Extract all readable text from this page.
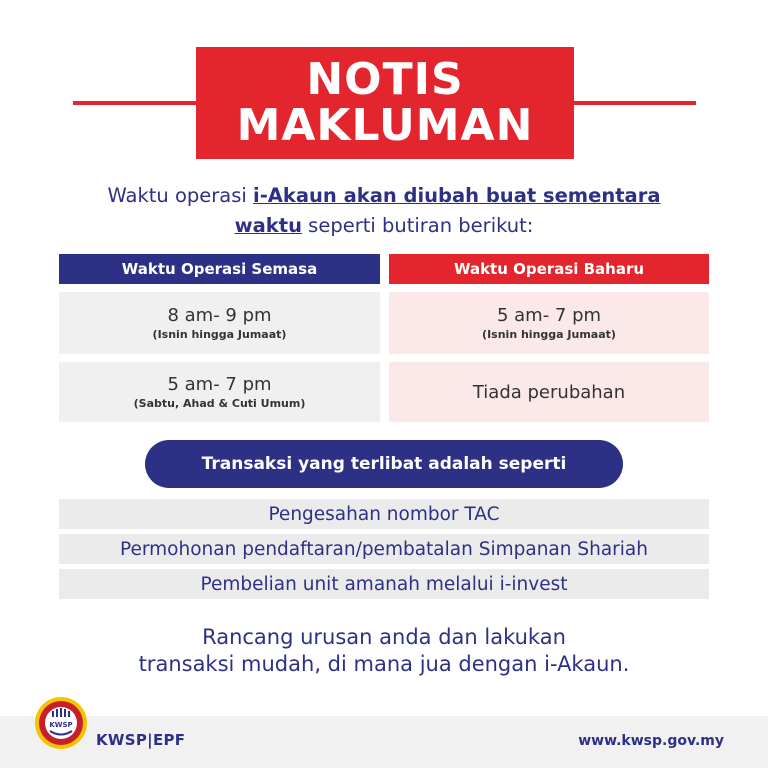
NOTIS
MAKLUMAN
Waktu operasi i-Akaun akan diubah buat sementara
waktu seperti butiran berikut:
Waktu Operasi Semasa	Waktu Operasi Baharu
8 am- 9 pm
(Isnin hingga Jumaat)
5 am- 7 pm
(Isnin hingga Jumaat)
5 am- 7 pm
(Sabtu, Ahad & Cuti Umum)
Tiada perubahan
Transaksi yang terlibat adalah seperti
Pengesahan nombor TAC
Permohonan pendaftaran/pembatalan Simpanan Shariah
Pembelian unit amanah melalui i-invest
Rancang urusan anda dan lakukan
transaksi mudah, di mana jua dengan i-Akaun.
KWSP
KWSP|EPF	www.kwsp.gov.my
